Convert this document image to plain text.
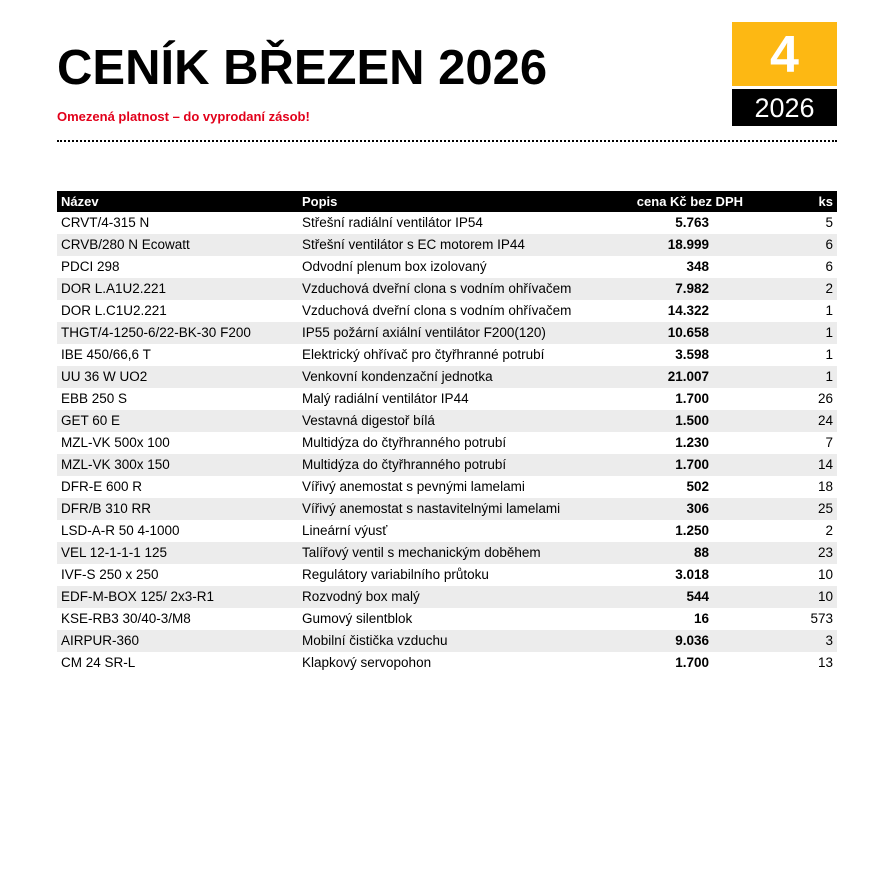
CENÍK BŘEZEN 2026
Omezená platnost – do vyprodaní zásob!
4
2026
Název	Popis	cena Kč bez DPH	ks
CRVT/4-315 N	Střešní radiální ventilátor IP54	5.763	5
CRVB/280 N Ecowatt	Střešní ventilátor s EC motorem IP44	18.999	6
PDCI 298	Odvodní plenum box izolovaný	348	6
DOR L.A1U2.221	Vzduchová dveřní clona s vodním ohřívačem	7.982	2
DOR L.C1U2.221	Vzduchová dveřní clona s vodním ohřívačem	14.322	1
THGT/4-1250-6/22-BK-30 F200	IP55 požární axiální ventilátor F200(120)	10.658	1
IBE 450/66,6 T	Elektrický ohřívač pro čtyřhranné potrubí	3.598	1
UU 36 W UO2	Venkovní kondenzační jednotka	21.007	1
EBB 250 S	Malý radiální ventilátor IP44	1.700	26
GET 60 E	Vestavná digestoř bílá	1.500	24
MZL-VK 500x 100	Multidýza do čtyřhranného potrubí	1.230	7
MZL-VK 300x 150	Multidýza do čtyřhranného potrubí	1.700	14
DFR-E 600 R	Vířivý anemostat s pevnými lamelami	502	18
DFR/B 310 RR	Vířivý anemostat s nastavitelnými lamelami	306	25
LSD-A-R 50 4-1000	Lineární výusť	1.250	2
VEL 12-1-1-1 125	Talířový ventil s mechanickým doběhem	88	23
IVF-S 250 x 250	Regulátory variabilního průtoku	3.018	10
EDF-M-BOX 125/ 2x3-R1	Rozvodný box malý	544	10
KSE-RB3 30/40-3/M8	Gumový silentblok	16	573
AIRPUR-360	Mobilní čistička vzduchu	9.036	3
CM 24 SR-L	Klapkový servopohon	1.700	13
